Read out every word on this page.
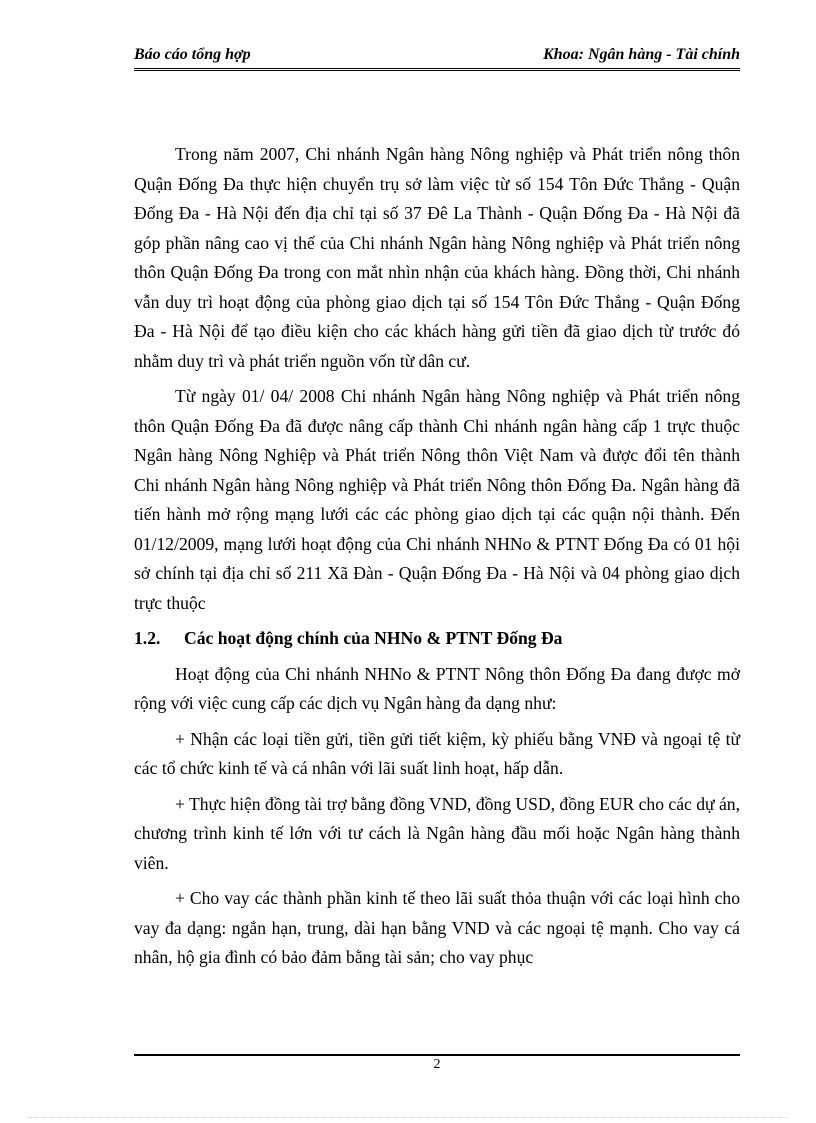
Báo cáo tổng hợp	Khoa: Ngân hàng - Tài chính

Trong năm 2007, Chi nhánh Ngân hàng Nông nghiệp và Phát triển nông thôn Quận Đống Đa thực hiện chuyển trụ sở làm việc từ số 154 Tôn Đức Thắng - Quận Đống Đa - Hà Nội đến địa chỉ tại số 37 Đê La Thành - Quận Đống Đa - Hà Nội đã góp phần nâng cao vị thế của Chi nhánh Ngân hàng Nông nghiệp và Phát triển nông thôn Quận Đống Đa trong con mắt nhìn nhận của khách hàng. Đồng thời, Chi nhánh vẫn duy trì hoạt động của phòng giao dịch tại số 154 Tôn Đức Thắng - Quận Đống Đa - Hà Nội để tạo điều kiện cho các khách hàng gửi tiền đã giao dịch từ trước đó nhằm duy trì và phát triển nguồn vốn từ dân cư.

Từ ngày 01/ 04/ 2008 Chi nhánh Ngân hàng Nông nghiệp và Phát triển nông thôn Quận Đống Đa đã được nâng cấp thành Chi nhánh ngân hàng cấp 1 trực thuộc Ngân hàng Nông Nghiệp và Phát triển Nông thôn Việt Nam và được đổi tên thành Chi nhánh Ngân hàng Nông nghiệp và Phát triển Nông thôn Đống Đa. Ngân hàng đã tiến hành mở rộng mạng lưới các các phòng giao dịch tại các quận nội thành. Đến 01/12/2009, mạng lưới hoạt động của Chi nhánh NHNo & PTNT Đống Đa có 01 hội sở chính tại địa chỉ số 211 Xã Đàn - Quận Đống Đa - Hà Nội và 04 phòng giao dịch trực thuộc

1.2.	Các hoạt động chính của NHNo & PTNT Đống Đa

Hoạt động của Chi nhánh NHNo & PTNT Nông thôn Đống Đa đang được mở rộng với việc cung cấp các dịch vụ Ngân hàng đa dạng như:

+ Nhận các loại tiền gửi, tiền gửi tiết kiệm, kỳ phiếu bằng VNĐ và ngoại tệ từ các tổ chức kinh tế và cá nhân với lãi suất linh hoạt, hấp dẫn.

+ Thực hiện đồng tài trợ bằng đồng VND, đồng USD, đồng EUR cho các dự án, chương trình kinh tế lớn với tư cách là Ngân hàng đầu mối hoặc Ngân hàng thành viên.

+ Cho vay các thành phần kinh tế theo lãi suất thỏa thuận với các loại hình cho vay đa dạng: ngắn hạn, trung, dài hạn bằng VND và các ngoại tệ mạnh. Cho vay cá nhân, hộ gia đình có bảo đảm bằng tài sản; cho vay phục

2
